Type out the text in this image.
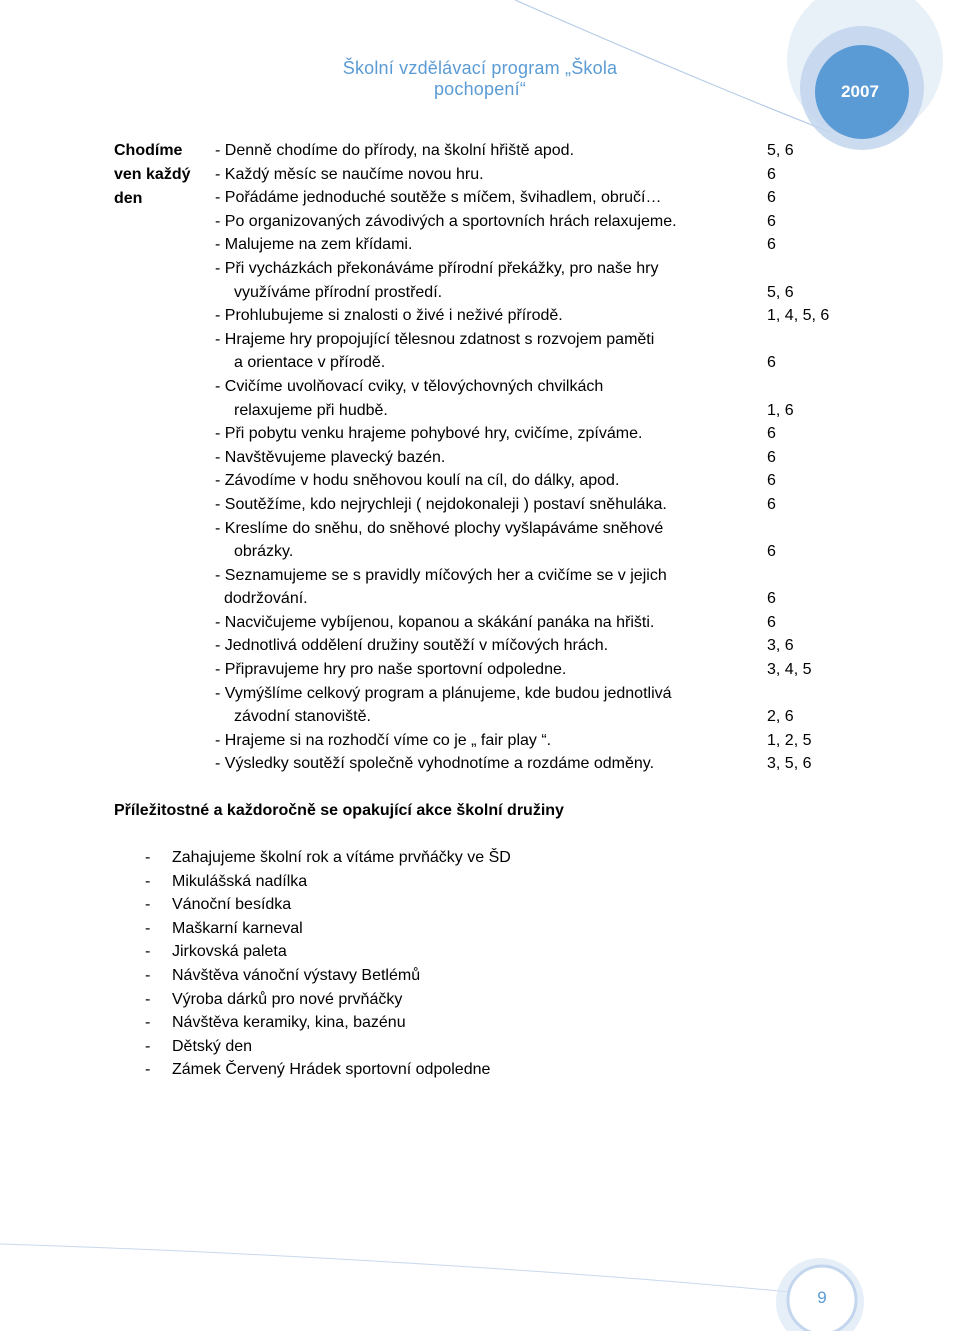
Školní vzdělávací program „Škola pochopení“	2007
Chodíme
ven každý
den
- Denně chodíme do přírody, na školní hřiště apod.	5, 6
- Každý měsíc se naučíme novou hru.	6
- Pořádáme jednoduché soutěže s míčem, švihadlem, obručí…	6
- Po organizovaných závodivých a sportovních hrách relaxujeme.	6
- Malujeme na zem křídami.	6
- Při vycházkách překonáváme přírodní překážky, pro naše hry
využíváme přírodní prostředí.	5, 6
- Prohlubujeme si znalosti o živé i neživé přírodě.	1, 4, 5, 6
- Hrajeme hry propojující tělesnou zdatnost s rozvojem paměti
a orientace v přírodě.	6
- Cvičíme uvolňovací cviky, v tělovýchovných chvilkách
relaxujeme při hudbě.	1, 6
- Při pobytu venku hrajeme pohybové hry, cvičíme, zpíváme.	6
- Navštěvujeme plavecký bazén.	6
- Závodíme v hodu sněhovou koulí na cíl, do dálky, apod.	6
- Soutěžíme, kdo nejrychleji ( nejdokonaleji ) postaví sněhuláka.	6
- Kreslíme do sněhu, do sněhové plochy vyšlapáváme sněhové
obrázky.	6
- Seznamujeme se s pravidly míčových her a cvičíme se v jejich
dodržování.	6
- Nacvičujeme vybíjenou, kopanou a skákání panáka na hřišti.	6
- Jednotlivá oddělení družiny soutěží v míčových hrách.	3, 6
- Připravujeme hry pro naše sportovní odpoledne.	3, 4, 5
- Vymýšlíme celkový program a plánujeme, kde budou jednotlivá
závodní stanoviště.	2, 6
- Hrajeme si na rozhodčí víme co je „ fair play “.	1, 2, 5
- Výsledky soutěží společně vyhodnotíme a rozdáme odměny.	3, 5, 6
Příležitostné a každoročně se opakující akce školní družiny
- Zahajujeme školní rok a vítáme prvňáčky ve ŠD
- Mikulášská nadílka
- Vánoční besídka
- Maškarní karneval
- Jirkovská paleta
- Návštěva vánoční výstavy Betlémů
- Výroba dárků pro nové prvňáčky
- Návštěva keramiky, kina, bazénu
- Dětský den
- Zámek Červený Hrádek sportovní odpoledne
9
